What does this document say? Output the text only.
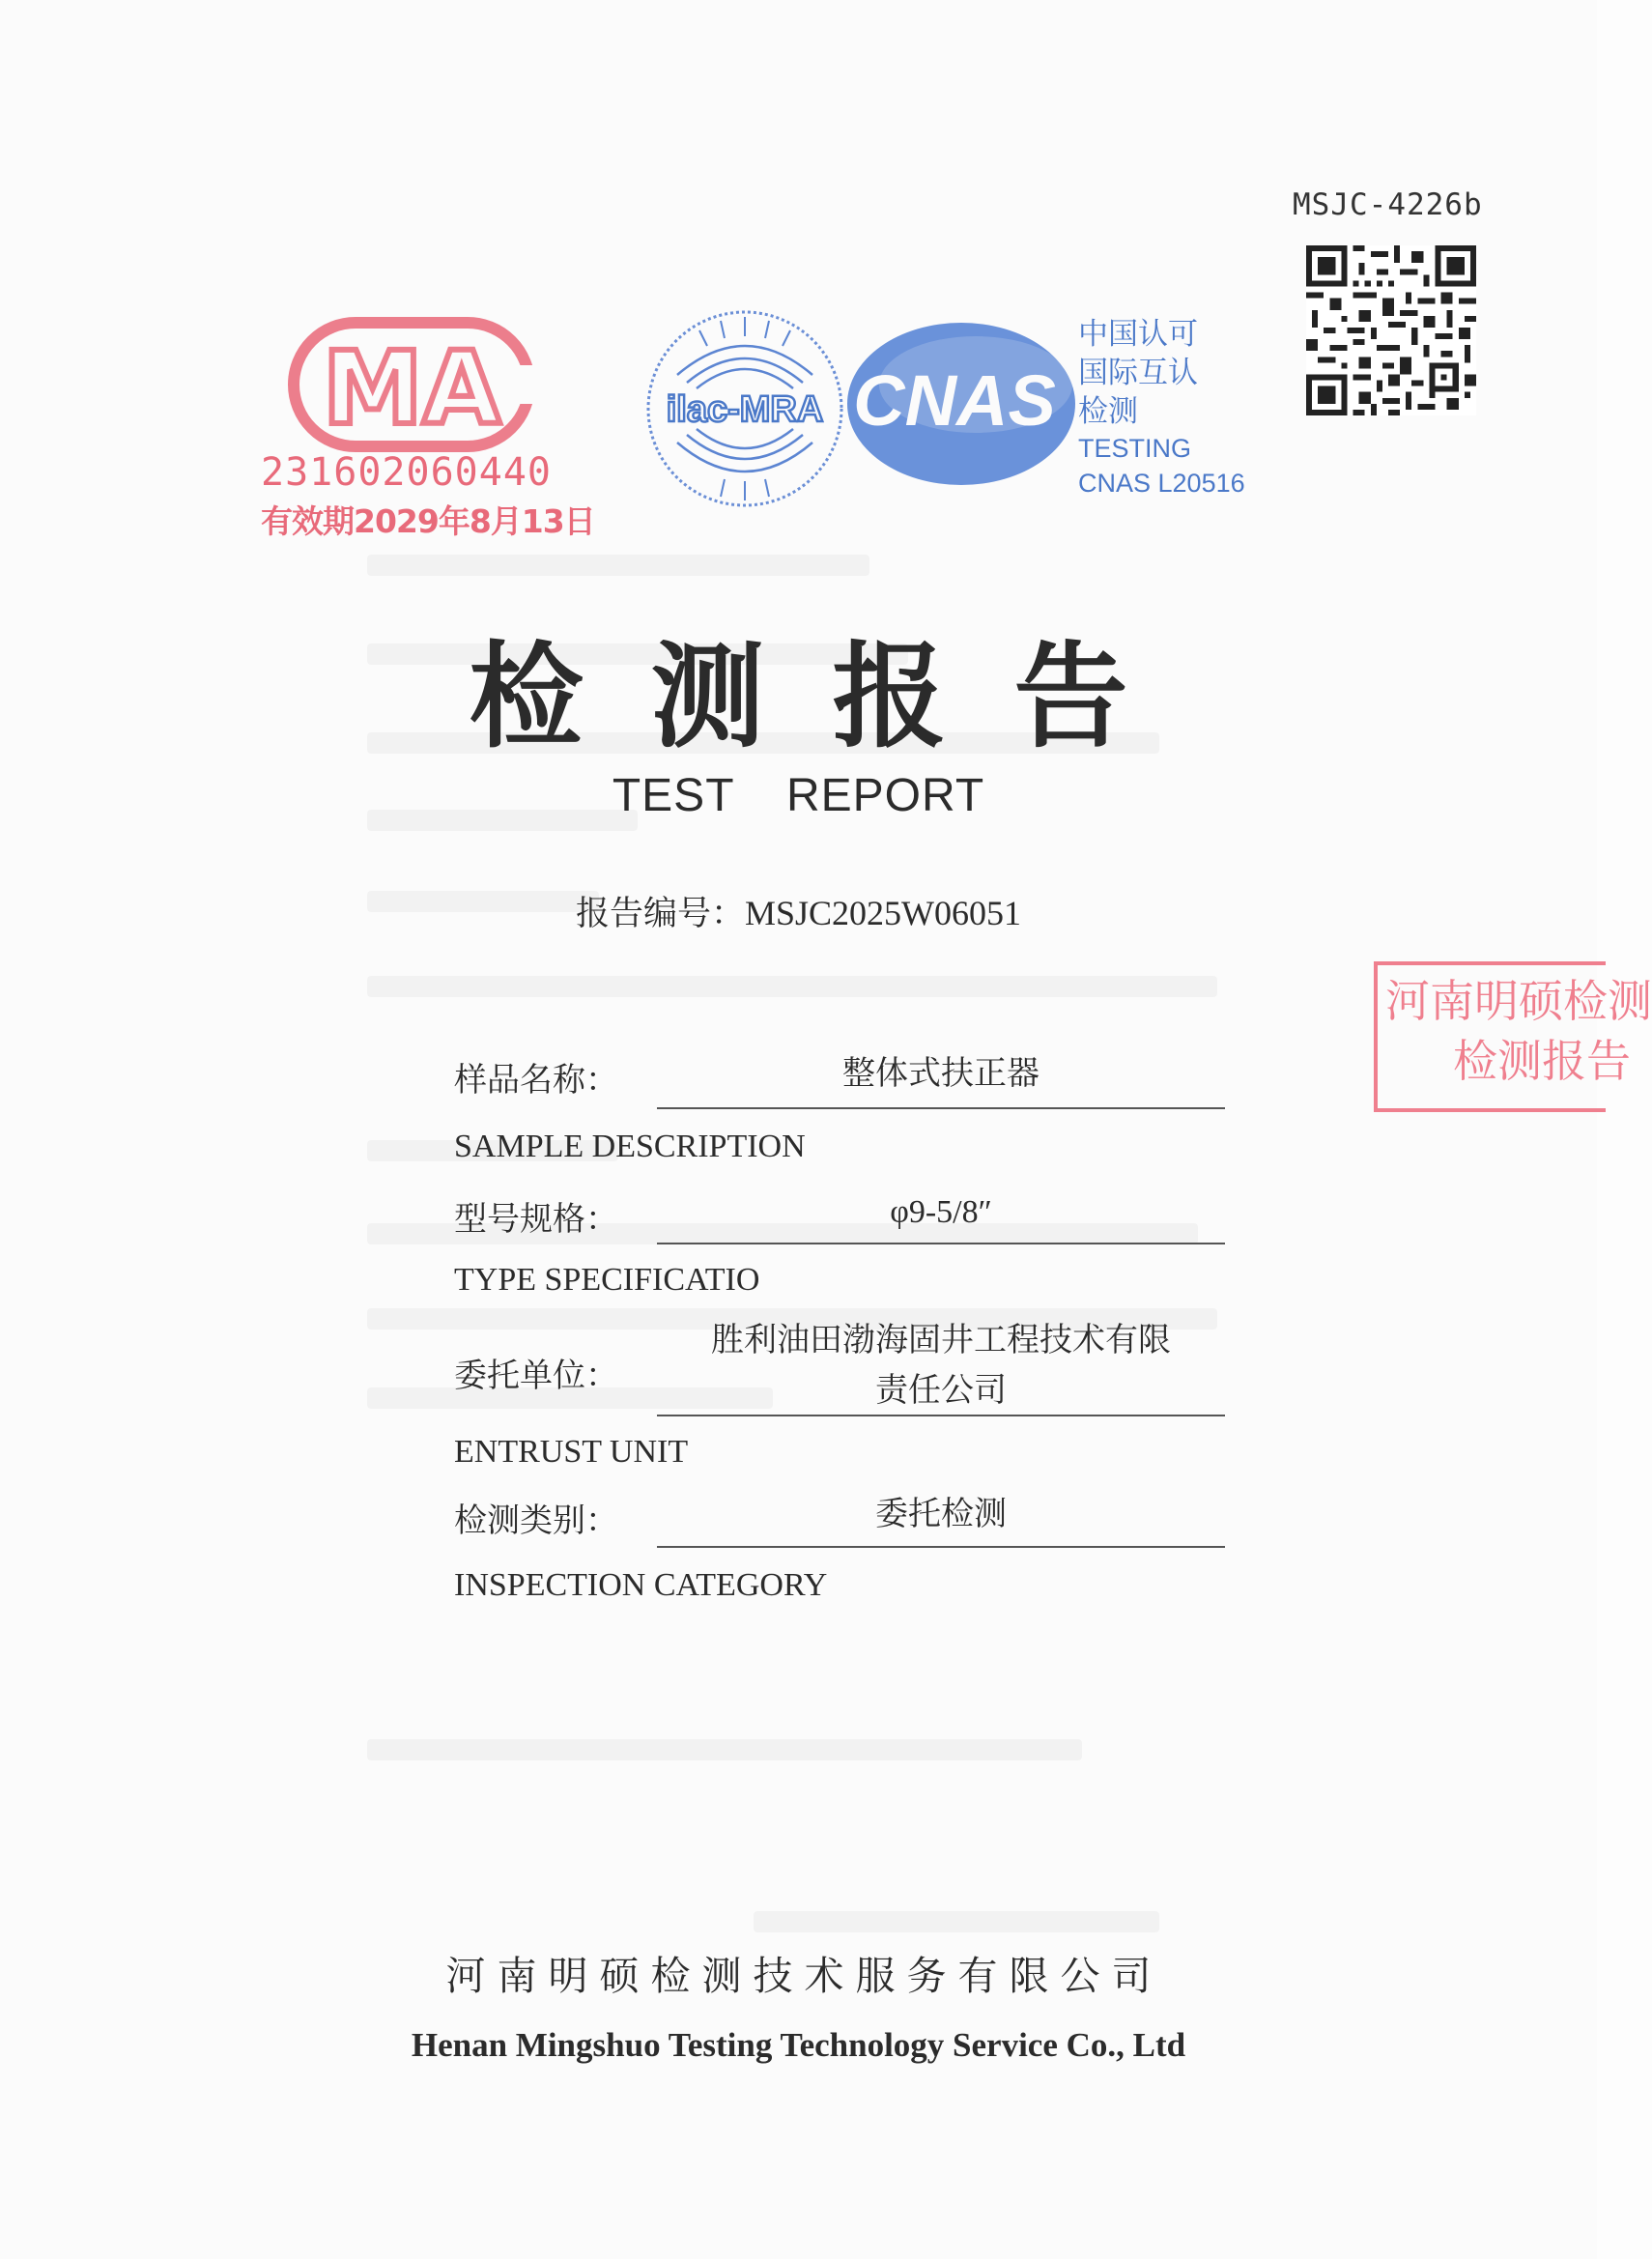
MSJC-4226b
MA
231602060440
有效期2029年8月13日
ilac-MRA CNAS
中国认可
国际互认
检测
TESTING
CNAS L20516
检测报告
TEST REPORT
报告编号：MSJC2025W06051
河南明硕检测
检测报告
样品名称：	整体式扶正器
SAMPLE DESCRIPTION
型号规格：	φ9-5/8″
TYPE SPECIFICATIO
委托单位：
胜利油田渤海固井工程技术有限
责任公司
ENTRUST UNIT
检测类别：	委托检测
INSPECTION CATEGORY
河南明硕检测技术服务有限公司
Henan Mingshuo Testing Technology Service Co., Ltd
